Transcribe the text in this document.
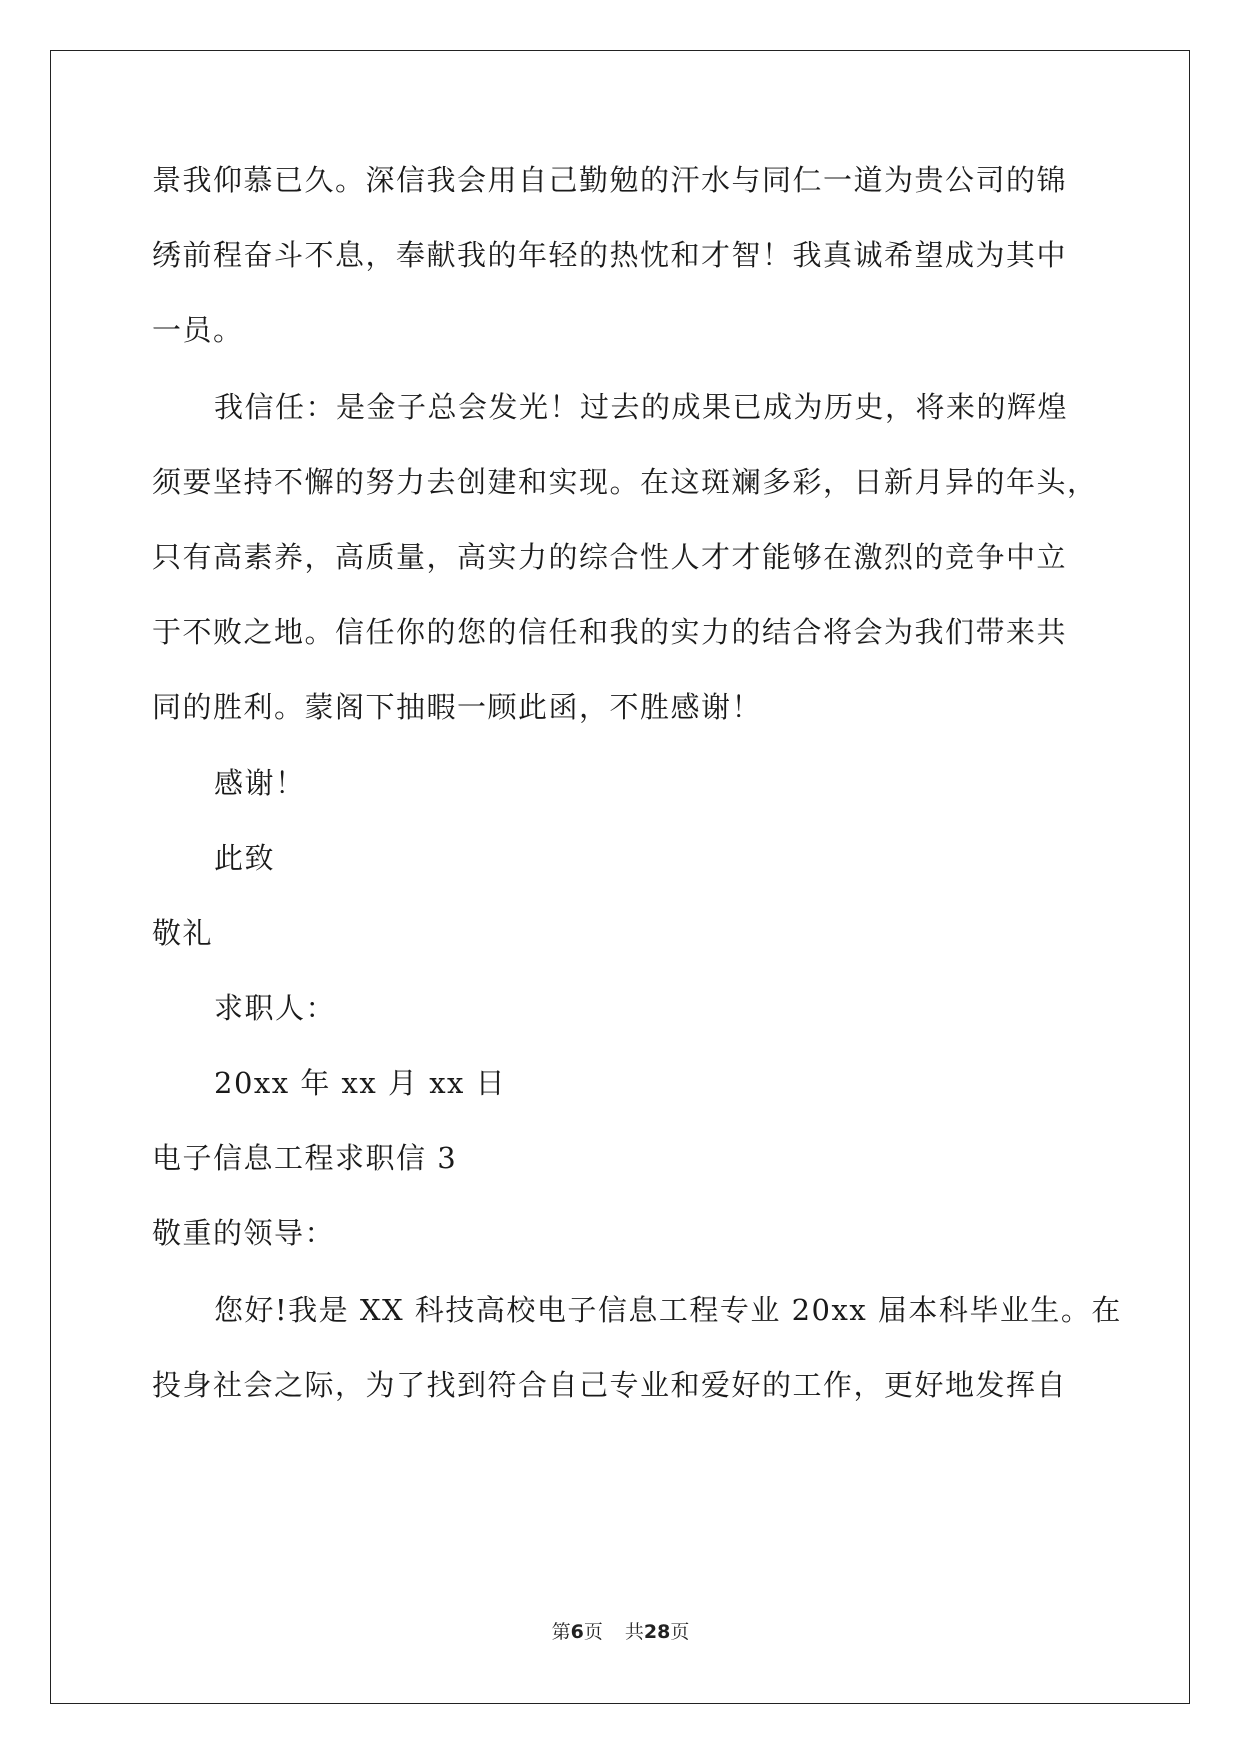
景我仰慕已久。深信我会用自己勤勉的汗水与同仁一道为贵公司的锦
绣前程奋斗不息，奉献我的年轻的热忱和才智！我真诚希望成为其中
一员。
我信任：是金子总会发光！过去的成果已成为历史，将来的辉煌
须要坚持不懈的努力去创建和实现。在这斑斓多彩，日新月异的年头，
只有高素养，高质量，高实力的综合性人才才能够在激烈的竞争中立
于不败之地。信任你的您的信任和我的实力的结合将会为我们带来共
同的胜利。蒙阁下抽暇一顾此函，不胜感谢！
感谢！
此致
敬礼
求职人：
20xx 年 xx 月 xx 日
电子信息工程求职信 3
敬重的领导：
您好!我是 XX 科技高校电子信息工程专业 20xx 届本科毕业生。在
投身社会之际，为了找到符合自己专业和爱好的工作，更好地发挥自
第6页 共28页
